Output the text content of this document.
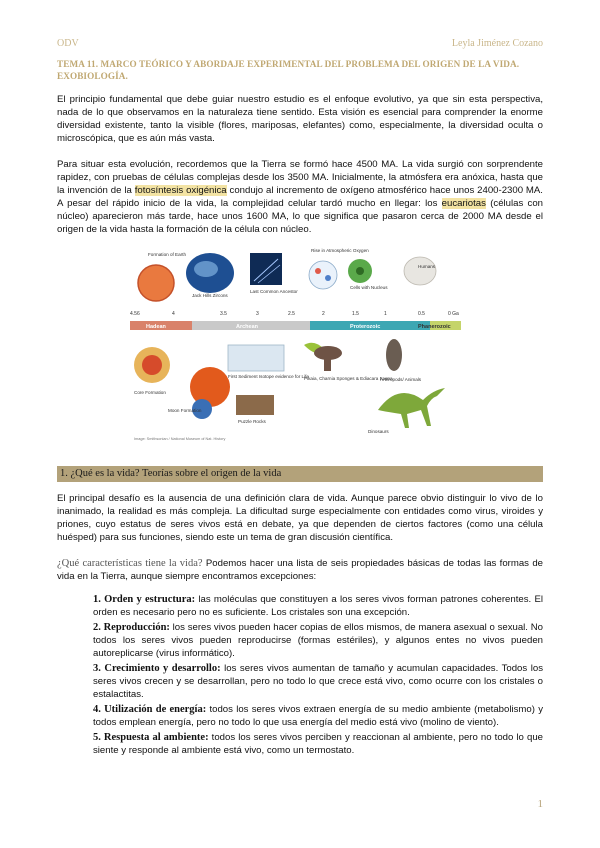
ODV	Leyla Jiménez Cozano
TEMA 11. MARCO TEÓRICO Y ABORDAJE EXPERIMENTAL DEL PROBLEMA DEL ORIGEN DE LA VIDA. EXOBIOLOGÍA.
El principio fundamental que debe guiar nuestro estudio es el enfoque evolutivo, ya que sin esta perspectiva, nada de lo que observamos en la naturaleza tiene sentido. Esta visión es esencial para comprender la enorme diversidad existente, tanto la visible (flores, mariposas, elefantes) como, especialmente, la diversidad oculta o microscópica, que es aún más vasta.
Para situar esta evolución, recordemos que la Tierra se formó hace 4500 MA. La vida surgió con sorprendente rapidez, con pruebas de células complejas desde los 3500 MA. Inicialmente, la atmósfera era anóxica, hasta que la invención de la fotosíntesis oxigénica condujo al incremento de oxígeno atmosférico hace unos 2400-2300 MA. A pesar del rápido inicio de la vida, la complejidad celular tardó mucho en llegar: los eucariotas (células con núcleo) aparecieron más tarde, hace unos 1600 MA, lo que significa que pasaron cerca de 2000 MA desde el origen de la vida hasta la formación de la célula con núcleo.
Formation of Earth
Jack Hills Zircons
Last Common Ancestor
Rise in Atmospheric Oxygen
Cells with Nucleus
Humans
4.56	4	3.5	3	2.5	2	1.5	1	0.5	0 Ga
Hadean	Archean	Proterozoic	Phanerozoic
Core Formation
Moon Formation
First Sediment Isotope evidence for Life
Puzzle Rocks
Pikaia, Charnia Sponges & Ediacara Fauna
Arthropods/ Animals
Dinosaurs
Image: Smithsonian / National Museum of Nat. History
1. ¿Qué es la vida? Teorías sobre el origen de la vida
El principal desafío es la ausencia de una definición clara de vida. Aunque parece obvio distinguir lo vivo de lo inanimado, la realidad es más compleja. La dificultad surge especialmente con entidades como virus, viroides y priones, cuyo estatus de seres vivos está en debate, ya que dependen de ciertos factores (como una célula huésped) para sus funciones, siendo este un tema de gran discusión científica.
¿Qué características tiene la vida? Podemos hacer una lista de seis propiedades básicas de todas las formas de vida en la Tierra, aunque siempre encontramos excepciones:
1. Orden y estructura: las moléculas que constituyen a los seres vivos forman patrones coherentes. El orden es necesario pero no es suficiente. Los cristales son una excepción.
2. Reproducción: los seres vivos pueden hacer copias de ellos mismos, de manera asexual o sexual. No todos los seres vivos pueden reproducirse (formas estériles), y algunos entes no vivos pueden autoreplicarse (virus informático).
3. Crecimiento y desarrollo: los seres vivos aumentan de tamaño y acumulan capacidades. Todos los seres vivos crecen y se desarrollan, pero no todo lo que crece está vivo, como ocurre con los cristales o estalactitas.
4. Utilización de energía: todos los seres vivos extraen energía de su medio ambiente (metabolismo) y todos emplean energía, pero no todo lo que usa energía del medio está vivo (molino de viento).
5. Respuesta al ambiente: todos los seres vivos perciben y reaccionan al ambiente, pero no todo lo que siente y responde al ambiente está vivo, como un termostato.
1
